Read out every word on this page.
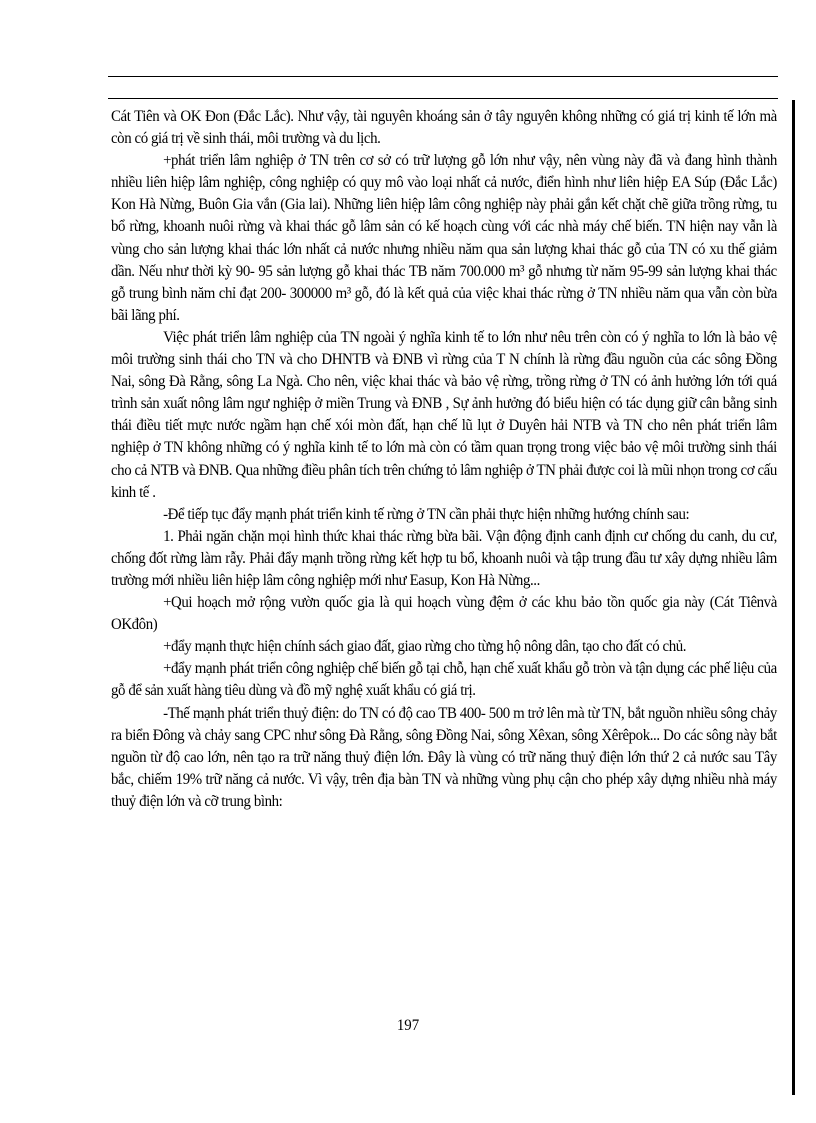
Cát Tiên và OK Đon (Đắc Lắc). Như vậy, tài nguyên khoáng sản ở tây nguyên không những có giá trị kinh tế lớn mà còn có giá trị về sinh thái, môi trường và du lịch.

+phát triển lâm nghiệp ở TN trên cơ sở có trữ lượng gỗ lớn như vậy, nên vùng này đã và đang hình thành nhiều liên hiệp lâm nghiệp, công nghiệp có quy mô vào loại nhất cả nước, điển hình như liên hiệp EA Súp (Đắc Lắc) Kon Hà Nừng, Buôn Gia vắn (Gia lai). Những liên hiệp lâm công nghiệp này phải gắn kết chặt chẽ giữa trồng rừng, tu bổ rừng, khoanh nuôi rừng và khai thác gỗ lâm sản có kế hoạch cùng với các nhà máy chế biến. TN hiện nay vẫn là vùng cho sản lượng khai thác lớn nhất cả nước nhưng nhiều năm qua sản lượng khai thác gỗ của TN có xu thế giảm dần. Nếu như thời kỳ 90- 95 sản lượng gỗ khai thác TB năm 700.000 m³ gỗ nhưng từ năm 95-99 sản lượng khai thác gỗ trung bình năm chỉ đạt 200- 300000 m³ gỗ, đó là kết quả của việc khai thác rừng ở TN nhiều năm qua vẫn còn bừa bãi lãng phí.

Việc phát triển lâm nghiệp của TN ngoài ý nghĩa kinh tế to lớn như nêu trên còn có ý nghĩa to lớn là bảo vệ môi trường sinh thái cho TN và cho DHNTB và ĐNB vì rừng của T N chính là rừng đầu nguồn của các sông Đồng Nai, sông Đà Rằng, sông La Ngà. Cho nên, việc khai thác và bảo vệ rừng, trồng rừng ở TN có ảnh hưởng lớn tới quá trình sản xuất nông lâm ngư nghiệp ở miền Trung và ĐNB , Sự ảnh hưởng đó biểu hiện có tác dụng giữ cân bằng sinh thái điều tiết mực nước ngầm hạn chế xói mòn đất, hạn chế lũ lụt ở Duyên hải NTB và TN cho nên phát triển lâm nghiệp ở TN không những có ý nghĩa kinh tế to lớn mà còn có tầm quan trọng trong việc bảo vệ môi trường sinh thái cho cả NTB và ĐNB. Qua những điều phân tích trên chứng tỏ lâm nghiệp ở TN phải được coi là mũi nhọn trong cơ cấu kinh tế .

-Để tiếp tục đẩy mạnh phát triển kinh tế rừng ở TN cần phải thực hiện những hướng chính sau:

1. Phải ngăn chặn mọi hình thức khai thác rừng bừa bãi. Vận động định canh định cư chống du canh, du cư, chống đốt rừng làm rẫy. Phải đẩy mạnh trồng rừng kết hợp tu bổ, khoanh nuôi và tập trung đầu tư xây dựng nhiều lâm trường mới nhiều liên hiệp lâm công nghiệp mới như Easup, Kon Hà Nừng...

+Qui hoạch mở rộng vườn quốc gia là qui hoạch vùng đệm ở các khu bảo tồn quốc gia này (Cát Tiênvà OKđôn)

+đẩy mạnh thực hiện chính sách giao đất, giao rừng cho từng hộ nông dân, tạo cho đất có chủ.

+đẩy mạnh phát triển công nghiệp chế biến gỗ tại chỗ, hạn chế xuất khẩu gỗ tròn và tận dụng các phế liệu của gỗ để sản xuất hàng tiêu dùng và đồ mỹ nghệ xuất khẩu có giá trị.

-Thế mạnh phát triển thuỷ điện: do TN có độ cao TB 400- 500 m trở lên mà từ TN, bắt nguồn nhiều sông chảy ra biển Đông và chảy sang CPC như sông Đà Rằng, sông Đồng Nai, sông Xêxan, sông Xêrêpok... Do các sông này bắt nguồn từ độ cao lớn, nên tạo ra trữ năng thuỷ điện lớn. Đây là vùng có trữ năng thuỷ điện lớn thứ 2 cả nước sau Tây bắc, chiếm 19% trữ năng cả nước. Vì vậy, trên địa bàn TN và những vùng phụ cận cho phép xây dựng nhiều nhà máy thuỷ điện lớn và cỡ trung bình:

197
